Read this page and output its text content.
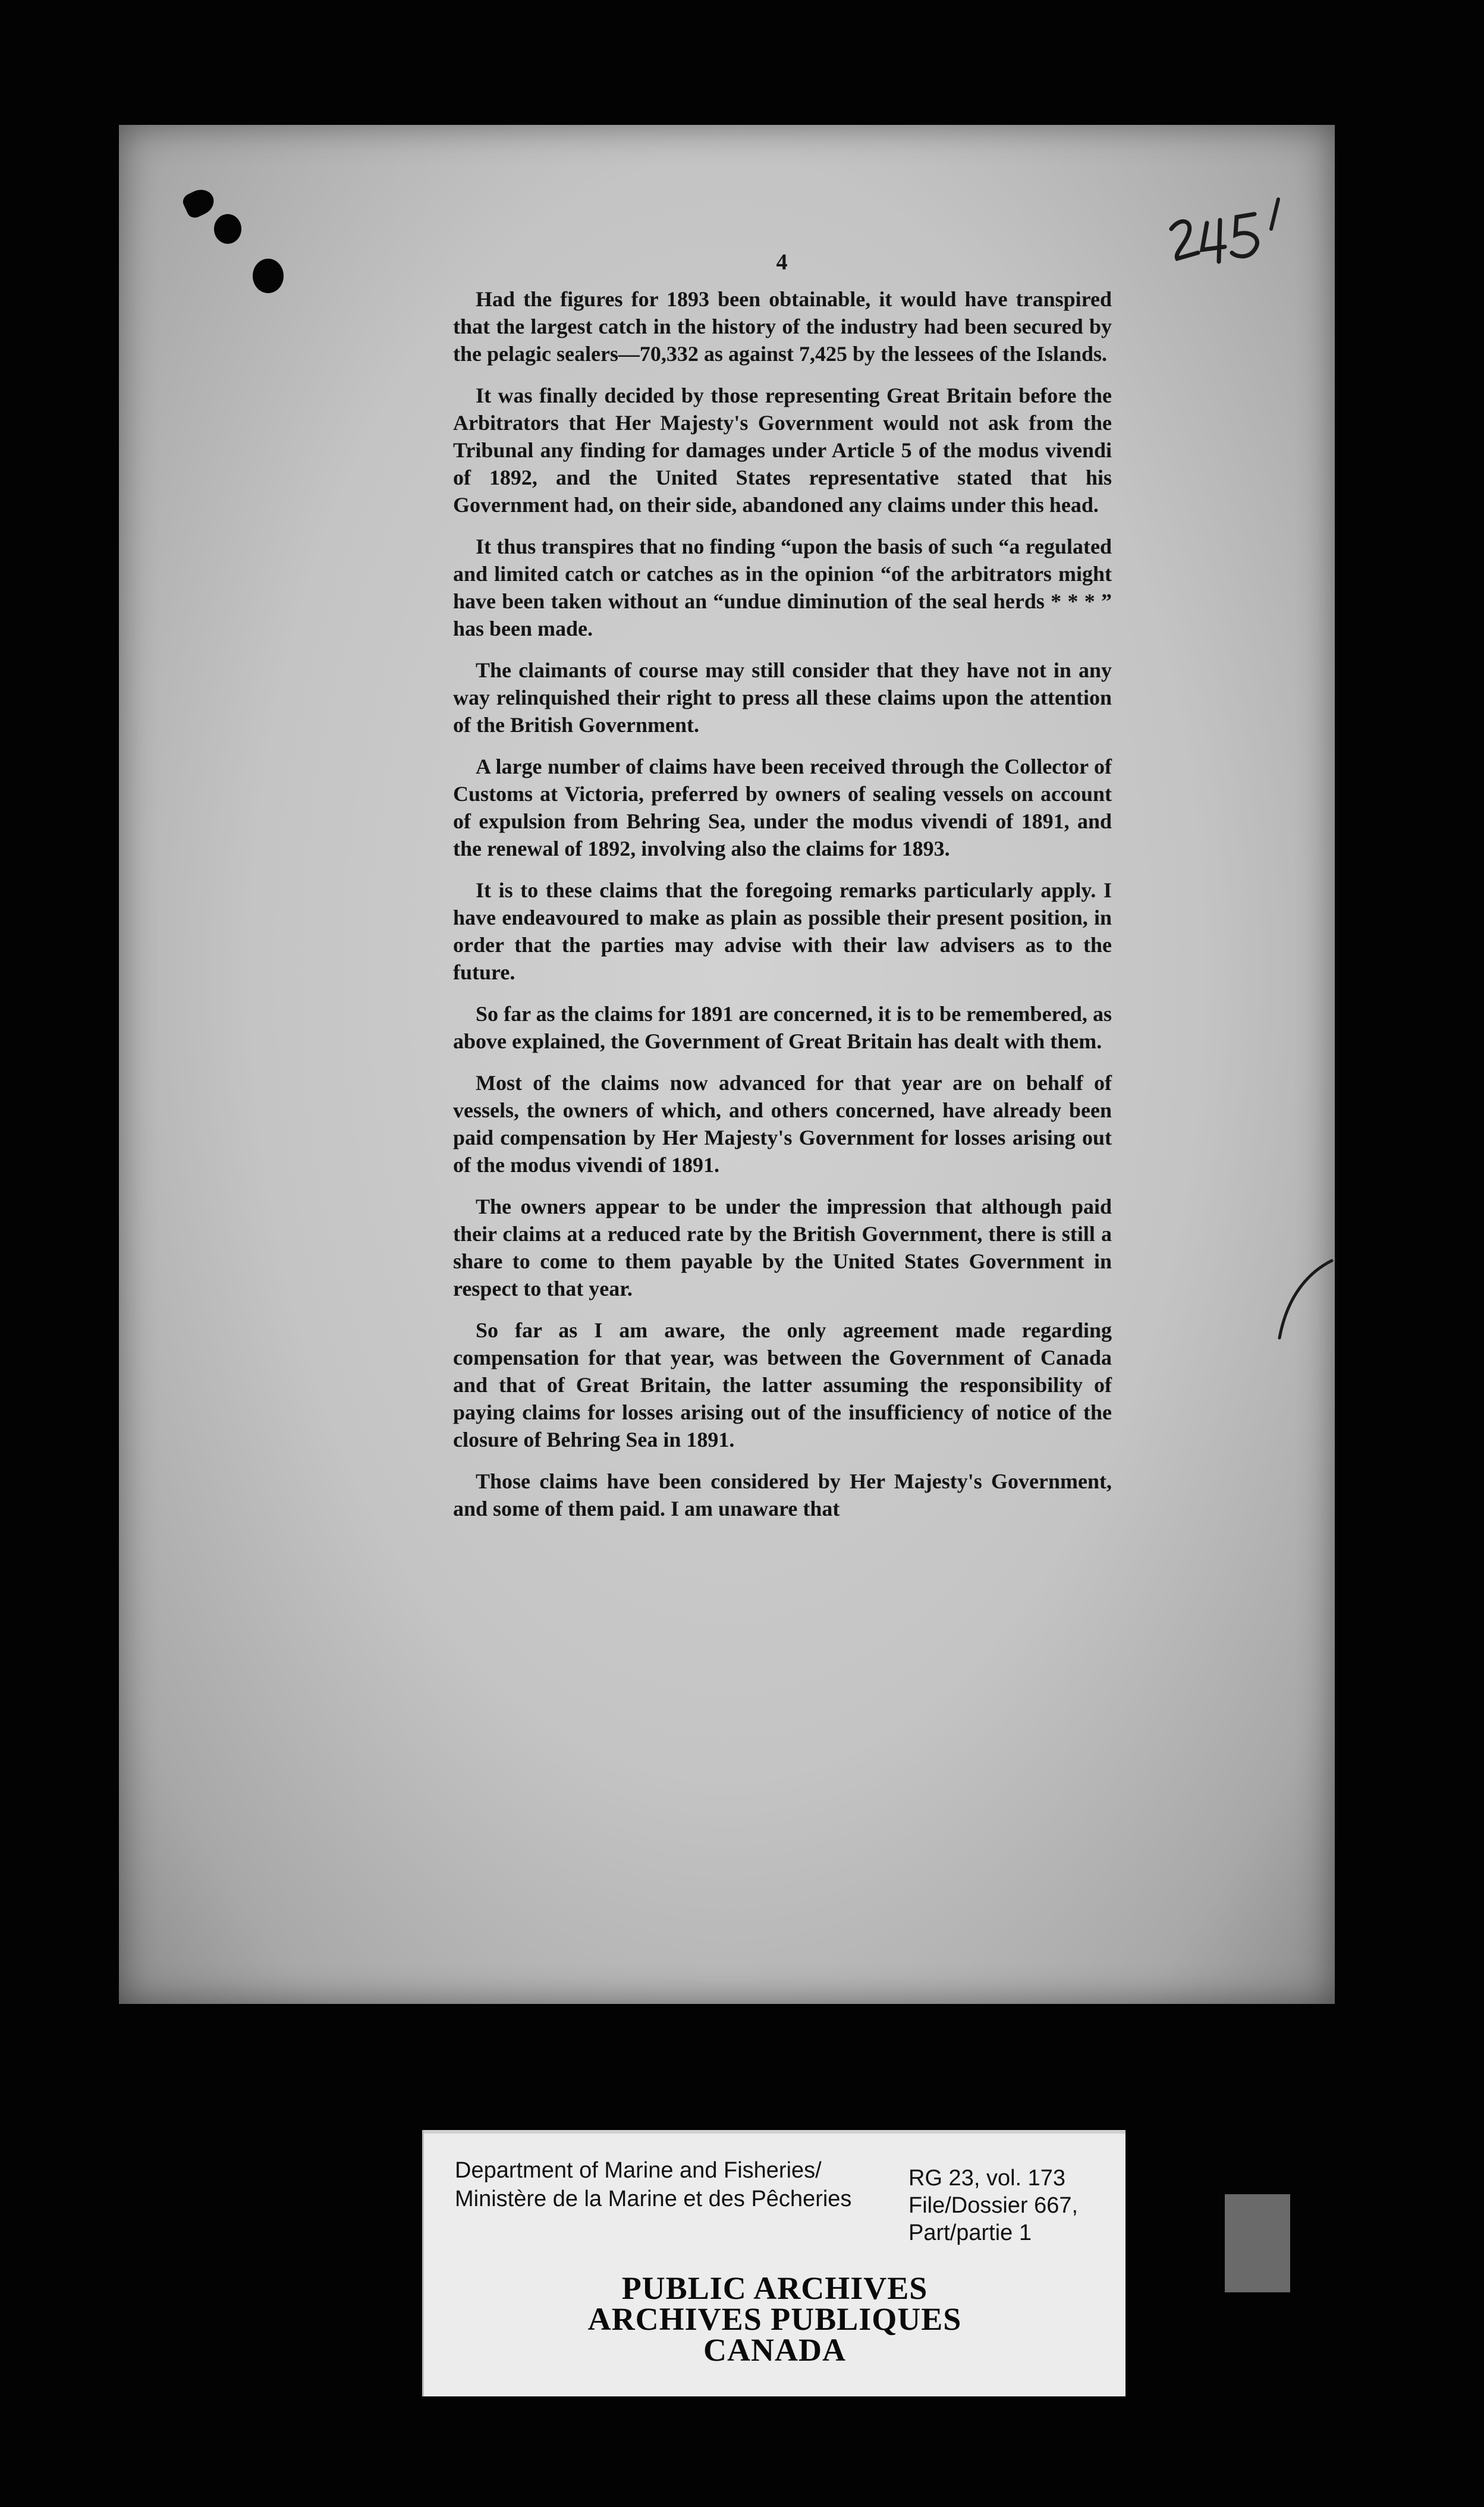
4

Had the figures for 1893 been obtainable, it would have transpired that the largest catch in the history of the industry had been secured by the pelagic sealers—70,332 as against 7,425 by the lessees of the Islands.

It was finally decided by those representing Great Britain before the Arbitrators that Her Majesty's Government would not ask from the Tribunal any finding for damages under Article 5 of the modus vivendi of 1892, and the United States representative stated that his Government had, on their side, abandoned any claims under this head.

It thus transpires that no finding “upon the basis of such “a regulated and limited catch or catches as in the opinion “of the arbitrators might have been taken without an “undue diminution of the seal herds * * * ” has been made.

The claimants of course may still consider that they have not in any way relinquished their right to press all these claims upon the attention of the British Government.

A large number of claims have been received through the Collector of Customs at Victoria, preferred by owners of sealing vessels on account of expulsion from Behring Sea, under the modus vivendi of 1891, and the renewal of 1892, involving also the claims for 1893.

It is to these claims that the foregoing remarks particularly apply. I have endeavoured to make as plain as possible their present position, in order that the parties may advise with their law advisers as to the future.

So far as the claims for 1891 are concerned, it is to be remembered, as above explained, the Government of Great Britain has dealt with them.

Most of the claims now advanced for that year are on behalf of vessels, the owners of which, and others concerned, have already been paid compensation by Her Majesty's Government for losses arising out of the modus vivendi of 1891.

The owners appear to be under the impression that although paid their claims at a reduced rate by the British Government, there is still a share to come to them payable by the United States Government in respect to that year.

So far as I am aware, the only agreement made regarding compensation for that year, was between the Government of Canada and that of Great Britain, the latter assuming the responsibility of paying claims for losses arising out of the insufficiency of notice of the closure of Behring Sea in 1891.

Those claims have been considered by Her Majesty's Government, and some of them paid. I am unaware that

Department of Marine and Fisheries/
Ministère de la Marine et des Pêcheries
RG 23, vol. 173
File/Dossier 667,
Part/partie 1
PUBLIC ARCHIVES
ARCHIVES PUBLIQUES
CANADA
